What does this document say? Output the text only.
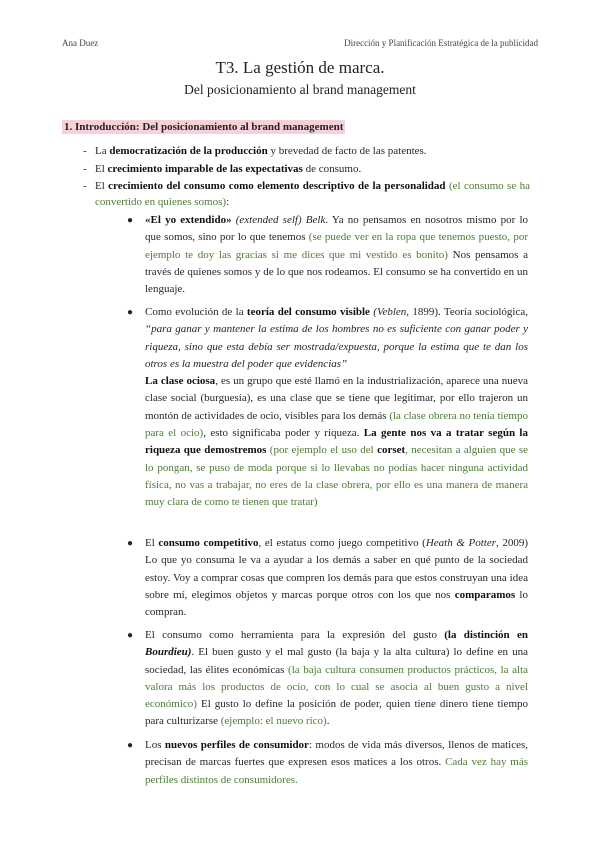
Ana Duez	Dirección y Planificación Estratégica de la publicidad
T3. La gestión de marca.
Del posicionamiento al brand management
1. Introducción: Del posicionamiento al brand management
- La democratización de la producción y brevedad de facto de las patentes.
- El crecimiento imparable de las expectativas de consumo.
- El crecimiento del consumo como elemento descriptivo de la personalidad (el consumo se ha convertido en quienes somos):
● «El yo extendido» (extended self) Belk. Ya no pensamos en nosotros mismo por lo que somos, sino por lo que tenemos (se puede ver en la ropa que tenemos puesto, por ejemplo te doy las gracias si me dices que mi vestido es bonito) Nos pensamos a través de quienes somos y de lo que nos rodeamos. El consumo se ha convertido en un lenguaje.
● Como evolución de la teoría del consumo visible (Veblen, 1899). Teoría sociológica, “para ganar y mantener la estima de los hombres no es suficiente con ganar poder y riqueza, sino que esta debía ser mostrada/expuesta, porque la estima que te dan los otros es la muestra del poder que evidencias”
La clase ociosa, es un grupo que esté llamó en la industrialización, aparece una nueva clase social (burguesía), es una clase que se tiene que legitimar, por ello trajeron un montón de actividades de ocio, visibles para los demás (la clase obrera no tenía tiempo para el ocio), esto significaba poder y riqueza. La gente nos va a tratar según la riqueza que demostremos (por ejemplo el uso del corset, necesitan a alguien que se lo pongan, se puso de moda porque si lo llevabas no podías hacer ninguna actividad física, no vas a trabajar, no eres de la clase obrera, por ello es una manera de manera muy clara de como te tienen que tratar)
● El consumo competitivo, el estatus como juego competitivo (Heath & Potter, 2009) Lo que yo consuma le va a ayudar a los demás a saber en qué punto de la sociedad estoy. Voy a comprar cosas que compren los demás para que estos construyan una idea sobre mí, elegimos objetos y marcas porque otros con los que nos comparamos lo compran.
● El consumo como herramienta para la expresión del gusto (la distinción en Bourdieu). El buen gusto y el mal gusto (la baja y la alta cultura) lo define en una sociedad, las élites económicas (la baja cultura consumen productos prácticos, la alta valora más los productos de ocio, con lo cual se asocia al buen gusto a nivel económico) El gusto lo define la posición de poder, quien tiene dinero tiene tiempo para culturizarse (ejemplo: el nuevo rico).
● Los nuevos perfiles de consumidor: modos de vida más diversos, llenos de matices, precisan de marcas fuertes que expresen esos matices a los otros. Cada vez hay más perfiles distintos de consumidores.
